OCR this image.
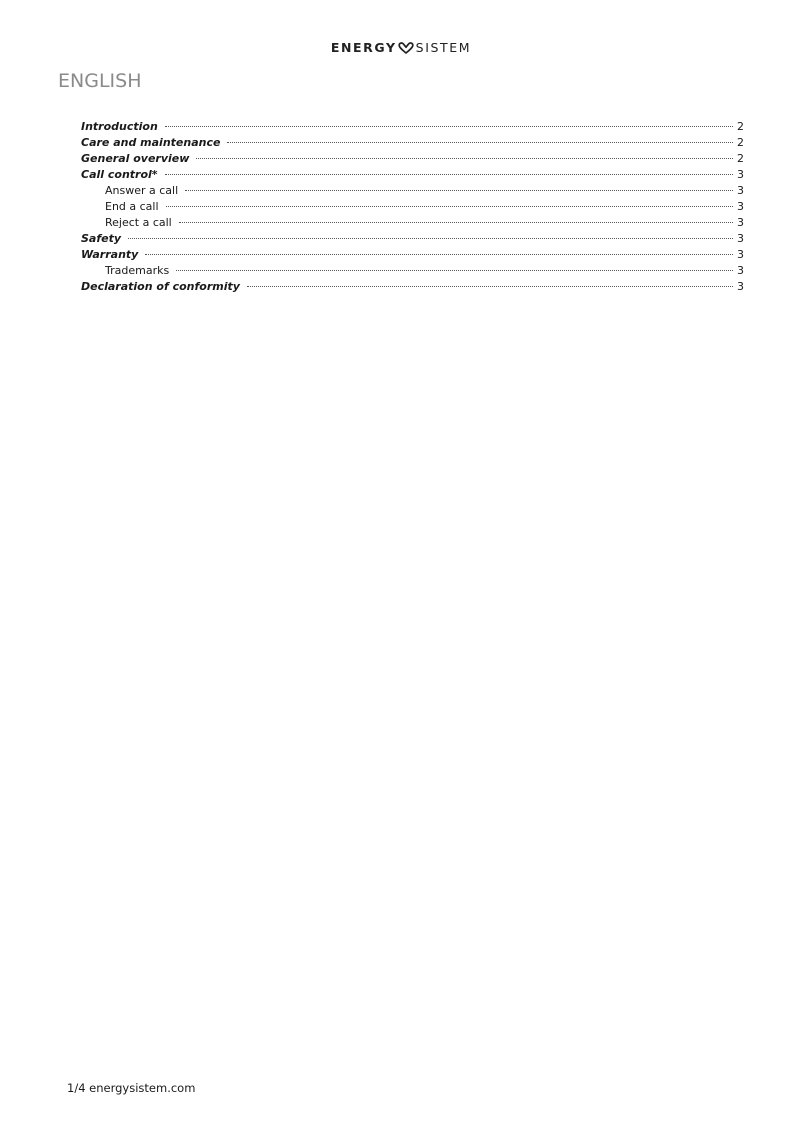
ENERGY SISTEM
ENGLISH
Introduction	2
Care and maintenance	2
General overview	2
Call control*	3
Answer a call	3
End a call	3
Reject a call	3
Safety	3
Warranty	3
Trademarks	3
Declaration of conformity	3
1/4 energysistem.com
